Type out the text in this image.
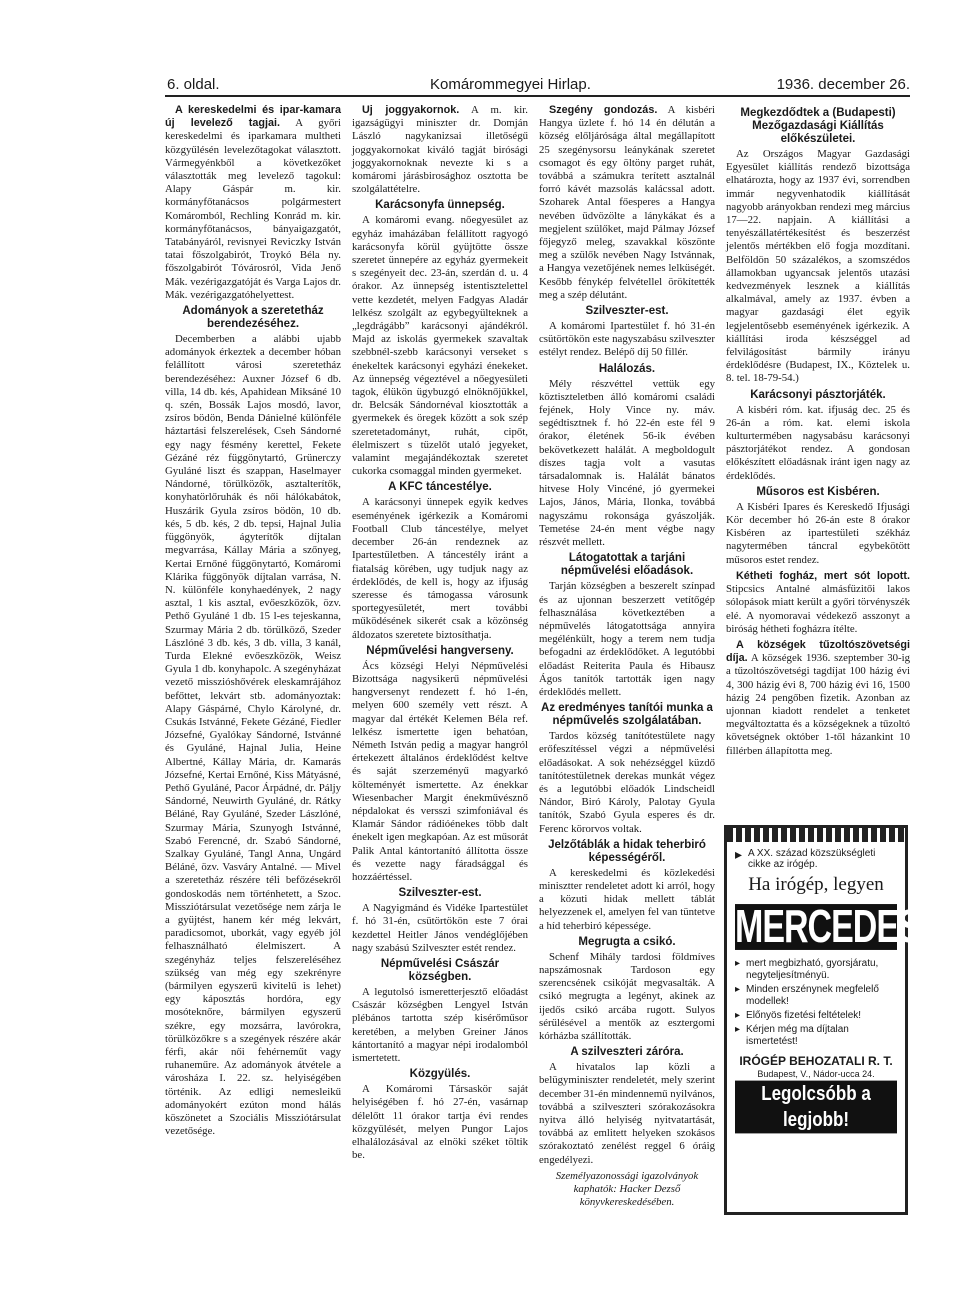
6. oldal.	Komárommegyei Hirlap.	1936. december 26.

A kereskedelmi és ipar-kamara új levelező tagjai. A győri kereskedelmi és iparkamara multheti közgyűlésén levelezőtagokat választott. Vármegyénkből a következőket választották meg levelező tagokul: Alapy Gáspár m. kir. kormányfőtanácsos polgármestert Komáromból, Rechling Konrád m. kir. kormányfőtanácsos, bányaigazgatót, Tatabányáról, revisnyei Reviczky István tatai főszolgabirót, Troykó Béla ny. főszolgabirót Tóvárosról, Vida Jenő Mák. vezérigazgatóját és Varga Lajos dr. Mák. vezérigazgatóhelyettest.

Adományok a szeretetház berendezéséhez.

Decemberben a alábbi ujabb adományok érkeztek a december hóban felállított városi szeretetház berendezéséhez: Auxner József 6 db. villa, 14 db. kés, Apahidean Miksáné 10 q. szén, Bossák Lajos mosdó, lavor, zsíros bödön, Benda Dánielné különféle háztartási felszerelések, Cseh Sándorné egy nagy fésmény kerettel, Fekete Gézáné réz függönytartó, Grünerczy Gyuláné liszt és szappan, Haselmayer Nándorné, törülközők, asztalterítők, konyhatörlőruhák és női hálókabátok, Huszárik Gyula zsíros bödön, 10 db. kés, 5 db. kés, 2 db. tepsi, Hajnal Julia függönyök, ágyterítők díjtalan megvarrása, Kállay Mária a szőnyeg, Kertai Ernőné függönytartó, Komáromi Klárika függönyök díjtalan varrása, N. N. különféle konyhaedények, 2 nagy asztal, 1 kis asztal, evőeszközök, özv. Pethő Gyuláné 1 db. 15 l-es tejeskanna, Szurmay Mária 2 db. törülköző, Szeder Lászlóné 3 db. kés, 3 db. villa, 3 kanál, Turda Elekné evőeszközök, Weisz Gyula 1 db. konyhapolc. A szegényházat vezető misszióshővérek eleskamrájához befőttet, lekvárt stb. adományoztak: Alapy Gáspárné, Chylo Károlyné, dr. Csukás Istvánné, Fekete Gézáné, Fiedler Józsefné, Gyalókay Sándorné, Istvánné és Gyuláné, Hajnal Julia, Heine Albertné, Kállay Mária, dr. Kamarás Józsefné, Kertai Ernőné, Kiss Mátyásné, Pethő Gyuláné, Pacor Árpádné, dr. Páljy Sándorné, Neuwirth Gyuláné, dr. Rátky Béláné, Ray Gyuláné, Szeder Lászlóné, Szurmay Mária, Szunyogh Istvánné, Szabó Ferencné, dr. Szabó Sándorné, Szalkay Gyuláné, Tangl Anna, Ungárd Béláné, özv. Vasváry Antalné. — Mivel a szeretetház részére téli befőzésekről gondoskodás nem történhetett, a Szoc. Missziótársulat vezetősége nem zárja le a gyüjtést, hanem kér még lekvárt, paradicsomot, uborkát, vagy egyéb jól felhasználható élelmiszert. A szegényház teljes felszereléséhez szükség van még egy szekrényre (bármilyen egyszerű kivitelű is lehet) egy káposztás hordóra, egy mosóteknőre, bármilyen egyszerű székre, egy mozsárra, lavórokra, törülközőkre s a szegények részére akár férfi, akár női fehérneműt vagy ruhaneműre. Az adományok átvétele a városháza I. 22. sz. helyiségében történik. Az edligi nemesleikű adományokért ezúton mond hálás köszönetet a Szociális Missziótársulat vezetősége.

Uj joggyakornok. A m. kir. igazságügyi miniszter dr. Domján László nagykanizsai illetőségű joggyakornokat kiváló tagját birósági joggyakornoknak nevezte ki s a komáromi járásbirosághoz osztotta be szolgálattételre.

Karácsonyfa ünnepség.

A komáromi evang. nőegyesület az egyház imaházában felállított ragyogó karácsonyfa körül gyüjtötte össze szeretet ünnepére az egyház gyermekeit s szegényeit dec. 23-án, szerdán d. u. 4 órakor. Az ünnepség istentisztelettel vette kezdetét, melyen Fadgyas Aladár lelkész szolgált az egybegyülteknek a „legdrágább” karácsonyi ajándékról. Majd az iskolás gyermekek szavaltak szebbnél-szebb karácsonyi verseket s énekeltek karácsonyi egyházi énekeket. Az ünnepség végeztével a nőegyesületi tagok, élükön ügybuzgó elnöknőjükkel, dr. Belcsák Sándornéval kiosztották a gyermekek és öregek között a sok szép szeretetadományt, ruhát, cipőt, élelmiszert s tüzelőt utaló jegyeket, valamint megajándékoztak szeretet cukorka csomaggal minden gyermeket.

A KFC táncestélye.

A karácsonyi ünnepek egyik kedves eseményének igérkezik a Komáromi Football Club táncestélye, melyet december 26-án rendeznek az Ipartestületben. A táncestély iránt a fiatalság körében, ugy tudjuk nagy az érdeklődés, de kell is, hogy az ifjuság szeresse és támogassa városunk sportegyesületét, mert további működésének sikerét csak a közönség áldozatos szeretete biztosíthatja.

Népművelési hangverseny.

Ács községi Helyi Népművelési Bizottsága nagysikerű népművelési hangversenyt rendezett f. hó 1-én, melyen 600 személy vett részt. A magyar dal értékét Kelemen Béla ref. lelkész ismertette igen behatóan, Németh István pedig a magyar hangról értekezett általános érdeklődést keltve és saját szerzeményű magyarkó költeményét ismertette. Az énekkar Wiesenbacher Margit énekművésznő népdalokat és versszi szimfoniával és Klamár Sándor rádióénekes több dalt énekelt igen megkapóan. Az est műsorát Palik Antal kántortanító állította össze és vezette nagy fáradsággal és hozzáértéssel.

Szilveszter-est.

A Nagyigmánd és Vidéke Ipartestület f. hó 31-én, csütörtökön este 7 órai kezdettel Heitler János vendéglőjében nagy szabású Szilveszter estét rendez.

Népművelési Császár községben.

A legutolsó ismeretterjesztő előadást Császár községben Lengyel István plébános tartotta szép kisérőműsor keretében, a melyben Greiner János kántortanító a magyar népi irodalomból ismertetett.

Közgyülés.

A Komáromi Társaskör saját helyiségében f. hó 27-én, vasárnap délelőtt 11 órakor tartja évi rendes közgyülését, melyen Pungor Lajos elhalálozásával az elnöki széket töltik be.

Szegény gondozás. A kisbéri Hangya üzlete f. hó 14 én délután a község előljárósága által megállapított 25 szegénysorsu leánykának szeretet csomagot és egy öltöny parget ruhát, továbbá a számukra terített asztalnál forró kávét mazsolás kalácssal adott. Szoharek Antal főesperes a Hangya nevében üdvözölte a lánykákat és a megjelent szülőket, majd Pálmay József főjegyző meleg, szavakkal köszönte meg a szülők nevében Nagy Istvánnak, a Hangya vezetőjének nemes lelküségét. Kesőbb fénykép felvétellel örökítették meg a szép délutánt.

Szilveszter-est.

A komáromi Ipartestület f. hó 31-én csütörtökön este nagyszabásu szilveszter estélyt rendez. Belépő díj 50 fillér.

Halálozás.

Mély részvéttel vettük egy köztiszteletben álló komáromi családi fejének, Holy Vince ny. máv. segédtisztnek f. hó 22-én este fél 9 órakor, életének 56-ik évében bekövetkezett halálát. A megboldogult díszes tagja volt a vasutas társadalomnak is. Halálát bánatos hitvese Holy Vincéné, jó gyermekei Lajos, János, Mária, Ilonka, továbbá nagyszámu rokonsága gyászolják. Temetése 24-én ment végbe nagy részvét mellett.

Látogatottak a tarjáni népművelési előadások.

Tarján községben a beszerelt színpad és az ujonnan beszerzett vetítőgép felhasználása következtében a népművelés látogatottsága annyira megélénkült, hogy a terem nem tudja befogadni az érdeklődőket. A legutóbbi előadást Reiterita Paula és Hibausz Ágos tanítók tartották igen nagy érdeklődés mellett.

Az eredményes tanítói munka a népművelés szolgálatában.

Tardos község tanítótestülete nagy erőfeszítéssel végzi a népművelési előadásokat. A sok nehézséggel küzdő tanítótestületnek derekas munkát végez és a legutóbbi előadók Lindscheidl Nándor, Biró Károly, Palotay Gyula tanítók, Szabó Gyula esperes és dr. Ferenc körorvos voltak.

Jelzőtáblák a hidak teherbiró képességéről.

A kereskedelmi és közlekedési minisztter rendeletet adott ki arról, hogy a közuti hidak mellett táblát helyezzenek el, amelyen fel van tüntetve a híd teherbiró képessége.

Megrugta a csikó.

Schenf Mihály tardosi földmíves napszámosnak Tardoson egy szerencsének csikóját megvasalták. A csikó megrugta a legényt, akinek az ijedős csikó arcába rugott. Sulyos sérülésével a mentők az esztergomi kórházba szállították.

A szilveszteri záróra.

A hivatalos lap közli a belügyminiszter rendeletét, mely szerint december 31-én mindennemű nyilvános, továbbá a szilveszteri szórakozásokra nyitva álló helyiség nyitvatartását, továbbá az emlitett helyeken szokásos szórakoztató zenélést reggel 6 óráig engedélyezi.

Személyazonossági igazolványok kaphatók: Hacker Dezső könyvkereskedésében.

Megkezdődtek a (Budapesti) Mezőgazdasági Kiállítás előkészületei.

Az Országos Magyar Gazdasági Egyesület kiállítás rendező bizottsága elhatározta, hogy az 1937 évi, sorrendben immár negyvenhatodik kiállítását nagyobb arányokban rendezi meg március 17—22. napjain. A kiállítási a tenyészállatértékesítést és beszerzést jelentős mértékben elő fogja mozdítani. Belföldön 50 százalékos, a szomszédos államokban ugyancsak jelentős utazási kedvezmények lesznek a kiállítás alkalmával, amely az 1937. évben a magyar gazdasági élet egyik legjelentősebb eseményének igérkezik. A kiállítási iroda készséggel ad felvilágosítást bármily irányu érdeklődésre (Budapest, IX., Köztelek u. 8. tel. 18-79-54.)

Karácsonyi pásztorjáték.

A kisbéri róm. kat. ifjuság dec. 25 és 26-án a róm. kat. elemi iskola kulturtermében nagysabásu karácsonyi pásztorjátékot rendez. A gondosan előkészített előadásnak iránt igen nagy az érdeklődés.

Műsoros est Kisbéren.

A Kisbéri Ipares és Kereskedő Ifjusági Kör december hó 26-án este 8 órakor Kisbéren az ipartestületi székház nagytermében táncral egybekötött műsoros estet rendez.

Kétheti fogház, mert sót lopott. Stipcsics Antalné almásfüzitői lakos sólopások miatt került a győri törvényszék elé. A nyomoravai védekező asszonyt a biróság hétheti fogházra ítélte.

A községek tűzoltószövetségi díja. A községek 1936. szeptember 30-ig a tűzoltószövetségi tagdíjat 100 házig évi 4, 300 házig évi 8, 700 házig évi 16, 1500 házig 24 pengőben fizetik. Azonban az ujonnan kiadott rendelet a tenketet megváltoztatta és a községeknek a tűzoltó követségnek október 1-től házankint 10 fillérben állapította meg.

▸ A XX. század közszükségleti cikke az irógép.
Ha irógép, legyen
MERCEDES!
▸ mert megbizható, gyorsjáratu, negyteljesítményü.
▸ Minden erszénynek megfelelő modellek!
▸ Előnyös fizetési feltételek!
▸ Kérjen még ma díjtalan ismertetést!
IRÓGÉP BEHOZATALI R. T.
Budapest, V., Nádor-ucca 24.
Legolcsóbb a legjobb!
